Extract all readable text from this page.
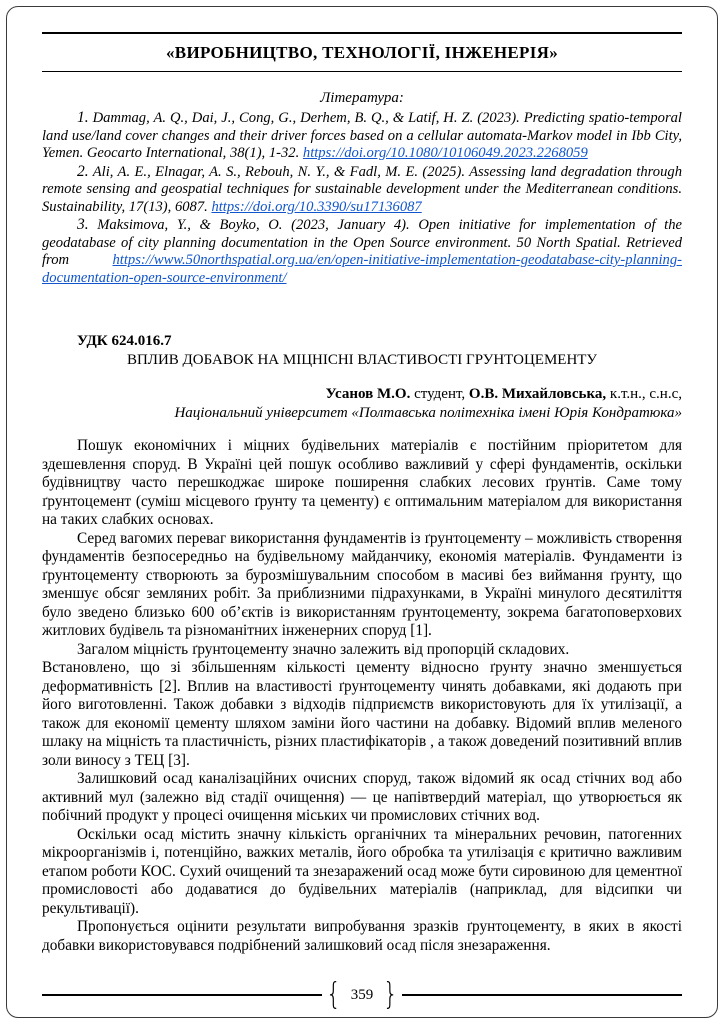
«ВИРОБНИЦТВО, ТЕХНОЛОГІЇ, ІНЖЕНЕРІЯ»

Література:

1. Dammag, A. Q., Dai, J., Cong, G., Derhem, B. Q., & Latif, H. Z. (2023). Predicting spatio-temporal land use/land cover changes and their driver forces based on a cellular automata-Markov model in Ibb City, Yemen. Geocarto International, 38(1), 1-32. https://doi.org/10.1080/10106049.2023.2268059

2. Ali, A. E., Elnagar, A. S., Rebouh, N. Y., & Fadl, M. E. (2025). Assessing land degradation through remote sensing and geospatial techniques for sustainable development under the Mediterranean conditions. Sustainability, 17(13), 6087. https://doi.org/10.3390/su17136087

3. Maksimova, Y., & Boyko, O. (2023, January 4). Open initiative for implementation of the geodatabase of city planning documentation in the Open Source environment. 50 North Spatial. Retrieved from https://www.50northspatial.org.ua/en/open-initiative-implementation-geodatabase-city-planning-documentation-open-source-environment/

УДК 624.016.7

ВПЛИВ ДОБАВОК НА МІЦНІСНІ ВЛАСТИВОСТІ ГРУНТОЦЕМЕНТУ

Усанов М.О. студент, О.В. Михайловська, к.т.н., с.н.с,

Національний університет «Полтавська політехніка імені Юрія Кондратюка»

Пошук економічних і міцних будівельних матеріалів є постійним пріоритетом для здешевлення споруд. В Україні цей пошук особливо важливий у сфері фундаментів, оскільки будівництву часто перешкоджає широке поширення слабких лесових ґрунтів. Саме тому ґрунтоцемент (суміш місцевого ґрунту та цементу) є оптимальним матеріалом для використання на таких слабких основах.

Серед вагомих переваг використання фундаментів із ґрунтоцементу – можливість створення фундаментів безпосередньо на будівельному майданчику, економія матеріалів. Фундаменти із ґрунтоцементу створюють за бурозмішувальним способом в масиві без виймання ґрунту, що зменшує обсяг земляних робіт. За приблизними підрахунками, в Україні минулого десятиліття було зведено близько 600 об’єктів із використанням ґрунтоцементу, зокрема багатоповерхових житлових будівель та різноманітних інженерних споруд [1].

Загалом міцність ґрунтоцементу значно залежить від пропорцій складових.

Встановлено, що зі збільшенням кількості цементу відносно ґрунту значно зменшується деформативність [2]. Вплив на властивості ґрунтоцементу чинять добавками, які додають при його виготовленні. Також добавки з відходів підприємств використовують для їх утилізації, а також для економії цементу шляхом заміни його частини на добавку. Відомий вплив меленого шлаку на міцність та пластичність, різних пластифікаторів , а також доведений позитивний вплив золи виносу з ТЕЦ [3].

Залишковий осад каналізаційних очисних споруд, також відомий як осад стічних вод або активний мул (залежно від стадії очищення) — це напівтвердий матеріал, що утворюється як побічний продукт у процесі очищення міських чи промислових стічних вод.

Оскільки осад містить значну кількість органічних та мінеральних речовин, патогенних мікроорганізмів і, потенційно, важких металів, його обробка та утилізація є критично важливим етапом роботи КОС. Сухий очищений та знезаражений осад може бути сировиною для цементної промисловості або додаватися до будівельних матеріалів (наприклад, для відсипки чи рекультивації).

Пропонується оцінити результати випробування зразків ґрунтоцементу, в яких в якості добавки використовувався подрібнений залишковий осад після знезараження.

{ 359 }
